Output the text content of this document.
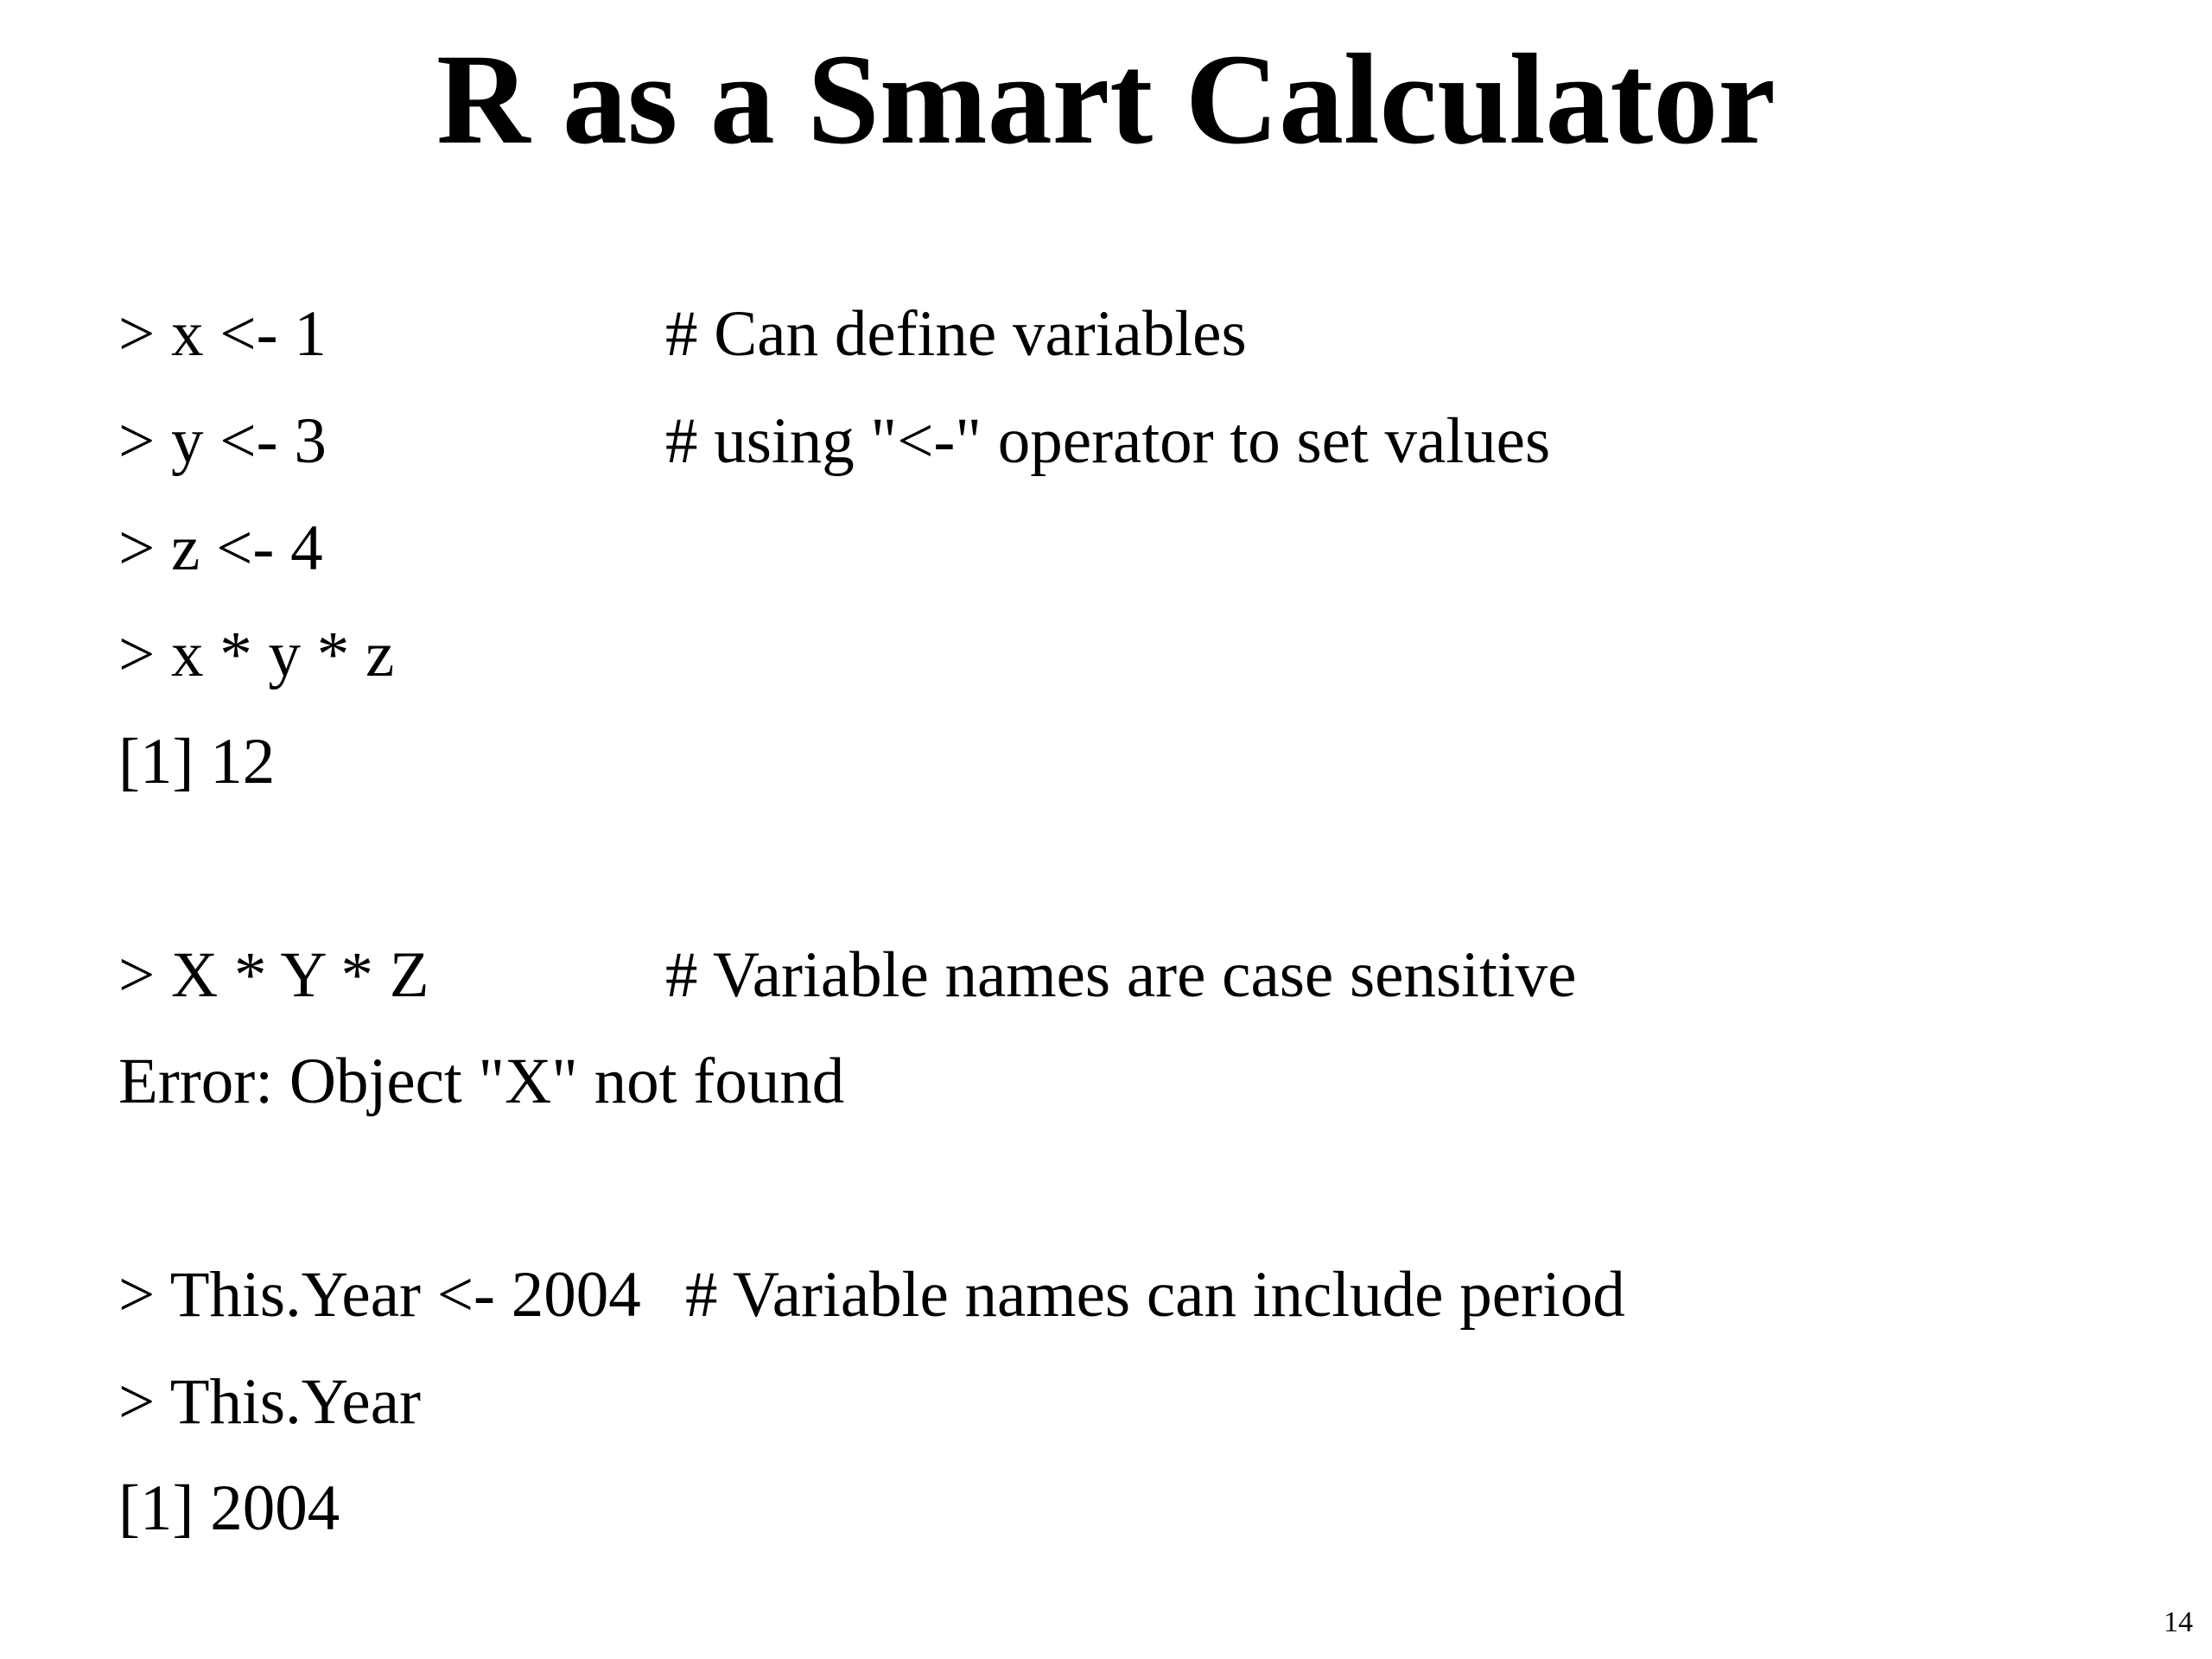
R as a Smart Calculator
> x <- 1	# Can define variables
> y <- 3	# using "<-" operator to set values
> z <- 4
> x * y * z
[1] 12
> X * Y * Z	# Variable names are case sensitive
Error: Object "X" not found
> This.Year <- 2004 # Variable names can include period
> This.Year
[1] 2004
14
